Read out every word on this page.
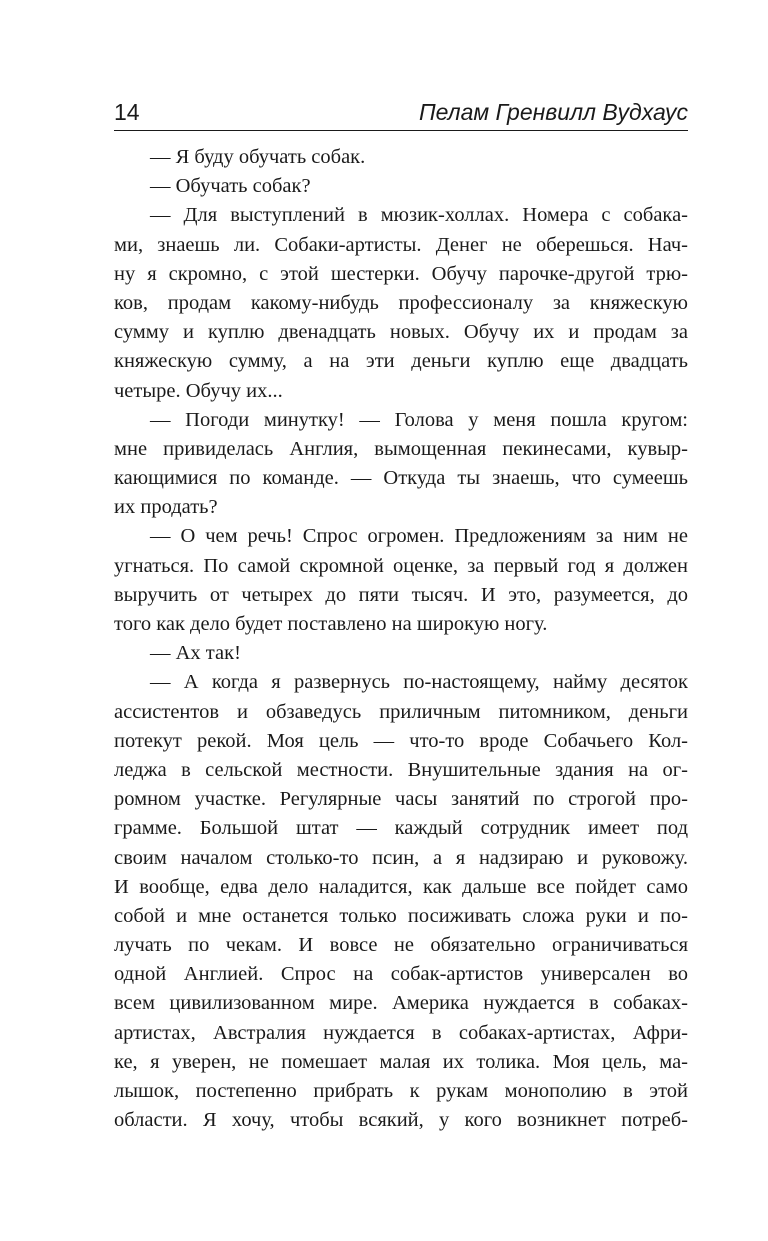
14	Пелам Гренвилл Вудхаус
— Я буду обучать собак.
— Обучать собак?
— Для выступлений в мюзик-холлах. Номера с собака-
ми, знаешь ли. Собаки-артисты. Денег не оберешься. Нач-
ну я скромно, с этой шестерки. Обучу парочке-другой трю-
ков, продам какому-нибудь профессионалу за княжескую
сумму и куплю двенадцать новых. Обучу их и продам за
княжескую сумму, а на эти деньги куплю еще двадцать
четыре. Обучу их...
— Погоди минутку! — Голова у меня пошла кругом:
мне привиделась Англия, вымощенная пекинесами, кувыр-
кающимися по команде. — Откуда ты знаешь, что сумеешь
их продать?
— О чем речь! Спрос огромен. Предложениям за ним не
угнаться. По самой скромной оценке, за первый год я должен
выручить от четырех до пяти тысяч. И это, разумеется, до
того как дело будет поставлено на широкую ногу.
— Ах так!
— А когда я развернусь по-настоящему, найму десяток
ассистентов и обзаведусь приличным питомником, деньги
потекут рекой. Моя цель — что-то вроде Собачьего Кол-
леджа в сельской местности. Внушительные здания на ог-
ромном участке. Регулярные часы занятий по строгой про-
грамме. Большой штат — каждый сотрудник имеет под
своим началом столько-то псин, а я надзираю и руковожу.
И вообще, едва дело наладится, как дальше все пойдет само
собой и мне останется только посиживать сложа руки и по-
лучать по чекам. И вовсе не обязательно ограничиваться
одной Англией. Спрос на собак-артистов универсален во
всем цивилизованном мире. Америка нуждается в собаках-
артистах, Австралия нуждается в собаках-артистах, Афри-
ке, я уверен, не помешает малая их толика. Моя цель, ма-
лышок, постепенно прибрать к рукам монополию в этой
области. Я хочу, чтобы всякий, у кого возникнет потреб-
